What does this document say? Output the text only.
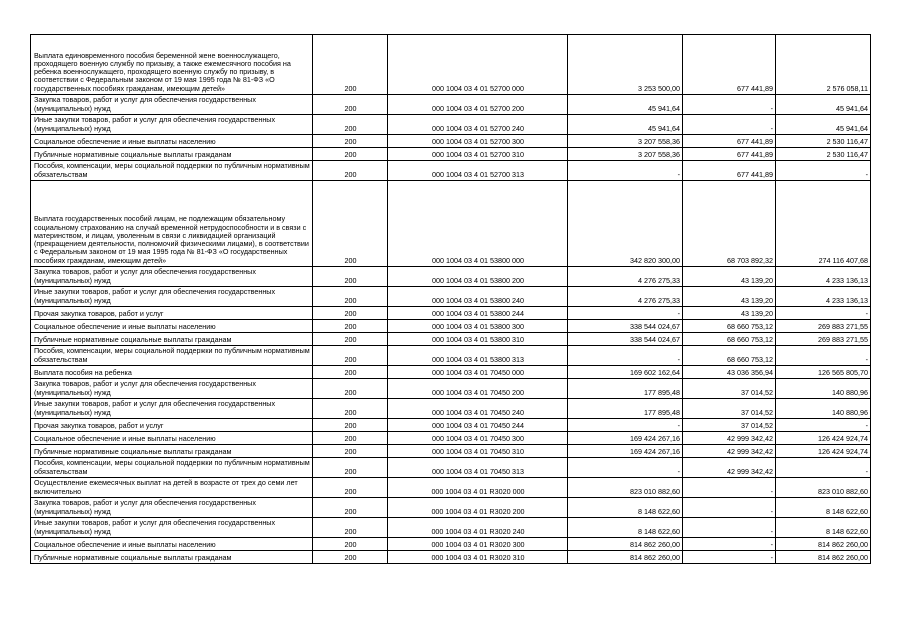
Выплата единовременного пособия беременной жене военнослужащего, проходящего военную службу по призыву, а также ежемесячного пособия на ребенка военнослужащего, проходящего военную службу по призыву, в соответствии с Федеральным законом от 19 мая 1995 года № 81-ФЗ «О государственных пособиях гражданам, имеющим детей»	200	000 1004 03 4 01 52700 000	3 253 500,00	677 441,89	2 576 058,11
Закупка товаров, работ и услуг для обеспечения государственных (муниципальных) нужд	200	000 1004 03 4 01 52700 200	45 941,64	-	45 941,64
Иные закупки товаров, работ и услуг для обеспечения государственных (муниципальных) нужд	200	000 1004 03 4 01 52700 240	45 941,64	-	45 941,64
Социальное обеспечение и иные выплаты населению	200	000 1004 03 4 01 52700 300	3 207 558,36	677 441,89	2 530 116,47
Публичные нормативные социальные выплаты гражданам	200	000 1004 03 4 01 52700 310	3 207 558,36	677 441,89	2 530 116,47
Пособия, компенсации, меры социальной поддержки по публичным нормативным обязательствам	200	000 1004 03 4 01 52700 313	-	677 441,89	-
Выплата государственных пособий лицам, не подлежащим обязательному социальному страхованию на случай временной нетрудоспособности и в связи с материнством, и лицам, уволенным в связи с ликвидацией организаций (прекращением деятельности, полномочий физическими лицами), в соответствии с Федеральным законом от 19 мая 1995 года № 81-ФЗ «О государственных пособиях гражданам, имеющим детей»	200	000 1004 03 4 01 53800 000	342 820 300,00	68 703 892,32	274 116 407,68
Закупка товаров, работ и услуг для обеспечения государственных (муниципальных) нужд	200	000 1004 03 4 01 53800 200	4 276 275,33	43 139,20	4 233 136,13
Иные закупки товаров, работ и услуг для обеспечения государственных (муниципальных) нужд	200	000 1004 03 4 01 53800 240	4 276 275,33	43 139,20	4 233 136,13
Прочая закупка товаров, работ и услуг	200	000 1004 03 4 01 53800 244	-	43 139,20	-
Социальное обеспечение и иные выплаты населению	200	000 1004 03 4 01 53800 300	338 544 024,67	68 660 753,12	269 883 271,55
Публичные нормативные социальные выплаты гражданам	200	000 1004 03 4 01 53800 310	338 544 024,67	68 660 753,12	269 883 271,55
Пособия, компенсации, меры социальной поддержки по публичным нормативным обязательствам	200	000 1004 03 4 01 53800 313	-	68 660 753,12	-
Выплата пособия на ребенка	200	000 1004 03 4 01 70450 000	169 602 162,64	43 036 356,94	126 565 805,70
Закупка товаров, работ и услуг для обеспечения государственных (муниципальных) нужд	200	000 1004 03 4 01 70450 200	177 895,48	37 014,52	140 880,96
Иные закупки товаров, работ и услуг для обеспечения государственных (муниципальных) нужд	200	000 1004 03 4 01 70450 240	177 895,48	37 014,52	140 880,96
Прочая закупка товаров, работ и услуг	200	000 1004 03 4 01 70450 244	-	37 014,52	-
Социальное обеспечение и иные выплаты населению	200	000 1004 03 4 01 70450 300	169 424 267,16	42 999 342,42	126 424 924,74
Публичные нормативные социальные выплаты гражданам	200	000 1004 03 4 01 70450 310	169 424 267,16	42 999 342,42	126 424 924,74
Пособия, компенсации, меры социальной поддержки по публичным нормативным обязательствам	200	000 1004 03 4 01 70450 313	-	42 999 342,42	-
Осуществление ежемесячных выплат на детей в возрасте от трех до семи лет включительно	200	000 1004 03 4 01 R3020 000	823 010 882,60	-	823 010 882,60
Закупка товаров, работ и услуг для обеспечения государственных (муниципальных) нужд	200	000 1004 03 4 01 R3020 200	8 148 622,60	-	8 148 622,60
Иные закупки товаров, работ и услуг для обеспечения государственных (муниципальных) нужд	200	000 1004 03 4 01 R3020 240	8 148 622,60	-	8 148 622,60
Социальное обеспечение и иные выплаты населению	200	000 1004 03 4 01 R3020 300	814 862 260,00	-	814 862 260,00
Публичные нормативные социальные выплаты гражданам	200	000 1004 03 4 01 R3020 310	814 862 260,00	-	814 862 260,00
